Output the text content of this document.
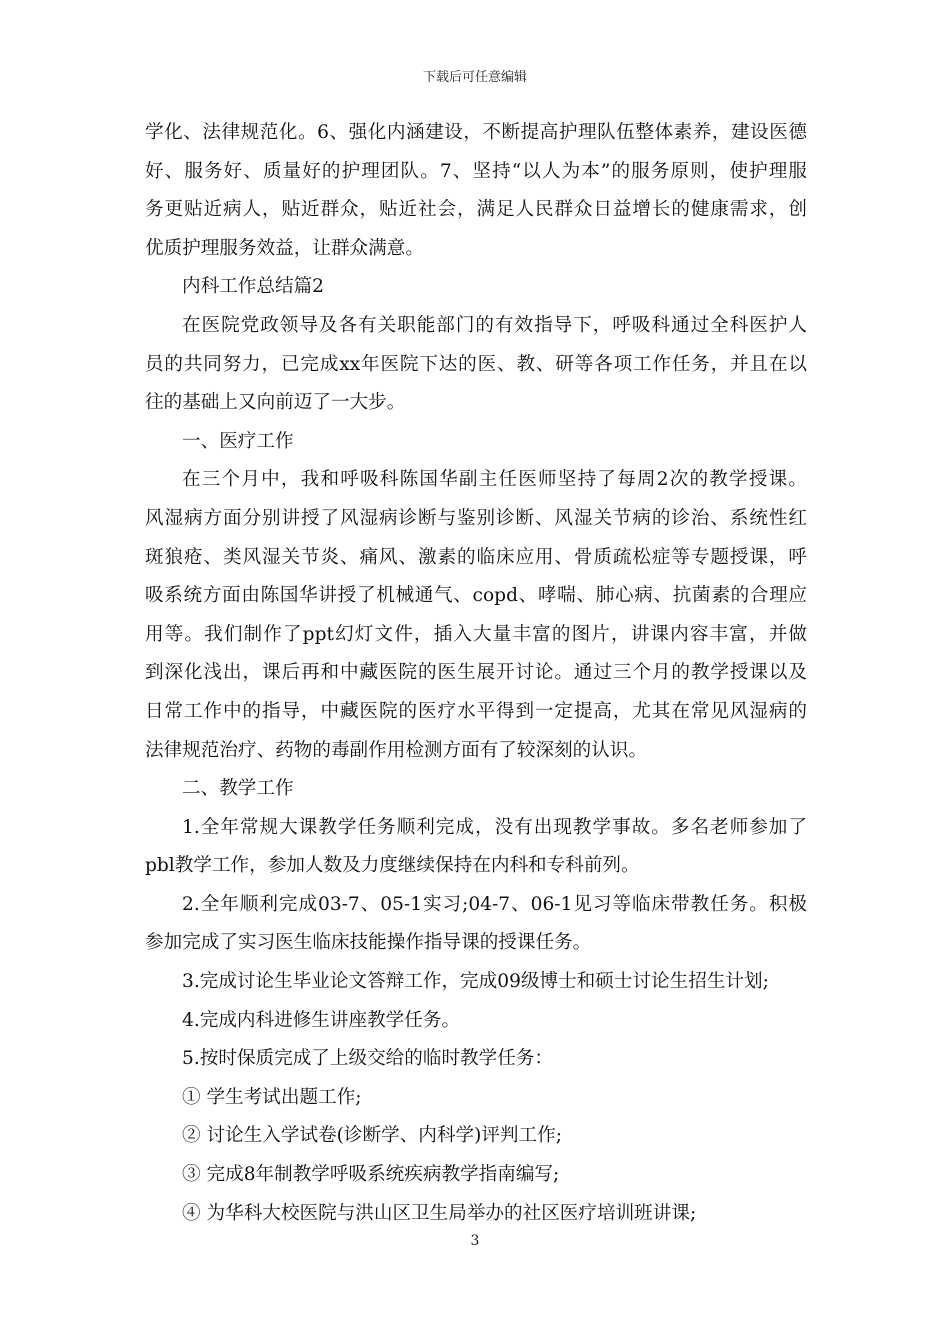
下载后可任意编辑
学化、法律规范化。6、强化内涵建设，不断提高护理队伍整体素养，建设医德
好、服务好、质量好的护理团队。7、坚持“以人为本”的服务原则，使护理服
务更贴近病人，贴近群众，贴近社会，满足人民群众日益增长的健康需求，创
优质护理服务效益，让群众满意。
内科工作总结篇2
在医院党政领导及各有关职能部门的有效指导下，呼吸科通过全科医护人
员的共同努力，已完成xx年医院下达的医、教、研等各项工作任务，并且在以
往的基础上又向前迈了一大步。
一、医疗工作
在三个月中，我和呼吸科陈国华副主任医师坚持了每周2次的教学授课。
风湿病方面分别讲授了风湿病诊断与鉴别诊断、风湿关节病的诊治、系统性红
斑狼疮、类风湿关节炎、痛风、激素的临床应用、骨质疏松症等专题授课，呼
吸系统方面由陈国华讲授了机械通气、copd、哮喘、肺心病、抗菌素的合理应
用等。我们制作了ppt幻灯文件，插入大量丰富的图片，讲课内容丰富，并做
到深化浅出，课后再和中藏医院的医生展开讨论。通过三个月的教学授课以及
日常工作中的指导，中藏医院的医疗水平得到一定提高，尤其在常见风湿病的
法律规范治疗、药物的毒副作用检测方面有了较深刻的认识。
二、教学工作
1.全年常规大课教学任务顺利完成，没有出现教学事故。多名老师参加了
pbl教学工作，参加人数及力度继续保持在内科和专科前列。
2.全年顺利完成03-7、05-1实习;04-7、06-1见习等临床带教任务。积极
参加完成了实习医生临床技能操作指导课的授课任务。
3.完成讨论生毕业论文答辩工作，完成09级博士和硕士讨论生招生计划;
4.完成内科进修生讲座教学任务。
5.按时保质完成了上级交给的临时教学任务：
① 学生考试出题工作;
② 讨论生入学试卷(诊断学、内科学)评判工作;
③ 完成8年制教学呼吸系统疾病教学指南编写;
④ 为华科大校医院与洪山区卫生局举办的社区医疗培训班讲课;
3
